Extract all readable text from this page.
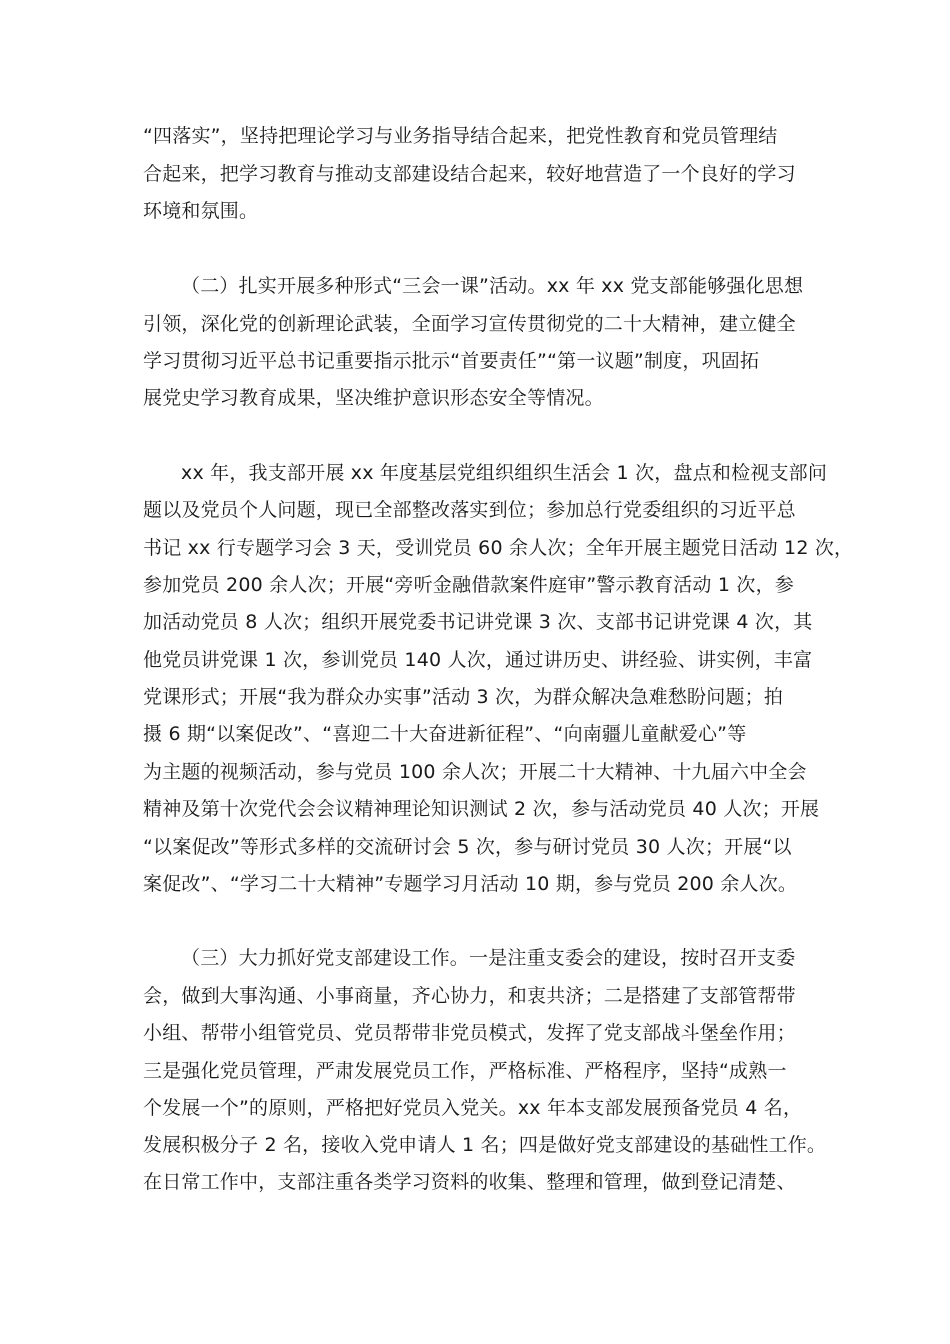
“四落实”，坚持把理论学习与业务指导结合起来，把党性教育和党员管理结
合起来，把学习教育与推动支部建设结合起来，较好地营造了一个良好的学习
环境和氛围。
（二）扎实开展多种形式“三会一课”活动。xx 年 xx 党支部能够强化思想
引领，深化党的创新理论武装，全面学习宣传贯彻党的二十大精神，建立健全
学习贯彻习近平总书记重要指示批示“首要责任”“第一议题”制度，巩固拓
展党史学习教育成果，坚决维护意识形态安全等情况。
xx 年，我支部开展 xx 年度基层党组织组织生活会 1 次，盘点和检视支部问
题以及党员个人问题，现已全部整改落实到位；参加总行党委组织的习近平总
书记 xx 行专题学习会 3 天，受训党员 60 余人次；全年开展主题党日活动 12 次，
参加党员 200 余人次；开展“旁听金融借款案件庭审”警示教育活动 1 次，参
加活动党员 8 人次；组织开展党委书记讲党课 3 次、支部书记讲党课 4 次，其
他党员讲党课 1 次，参训党员 140 人次，通过讲历史、讲经验、讲实例，丰富
党课形式；开展“我为群众办实事”活动 3 次，为群众解决急难愁盼问题；拍
摄 6 期“以案促改”、“喜迎二十大奋进新征程”、“向南疆儿童献爱心”等
为主题的视频活动，参与党员 100 余人次；开展二十大精神、十九届六中全会
精神及第十次党代会会议精神理论知识测试 2 次，参与活动党员 40 人次；开展
“以案促改”等形式多样的交流研讨会 5 次，参与研讨党员 30 人次；开展“以
案促改”、“学习二十大精神”专题学习月活动 10 期，参与党员 200 余人次。
（三）大力抓好党支部建设工作。一是注重支委会的建设，按时召开支委
会，做到大事沟通、小事商量，齐心协力，和衷共济；二是搭建了支部管帮带
小组、帮带小组管党员、党员帮带非党员模式，发挥了党支部战斗堡垒作用；
三是强化党员管理，严肃发展党员工作，严格标准、严格程序，坚持“成熟一
个发展一个”的原则，严格把好党员入党关。xx 年本支部发展预备党员 4 名，
发展积极分子 2 名，接收入党申请人 1 名；四是做好党支部建设的基础性工作。
在日常工作中，支部注重各类学习资料的收集、整理和管理，做到登记清楚、
